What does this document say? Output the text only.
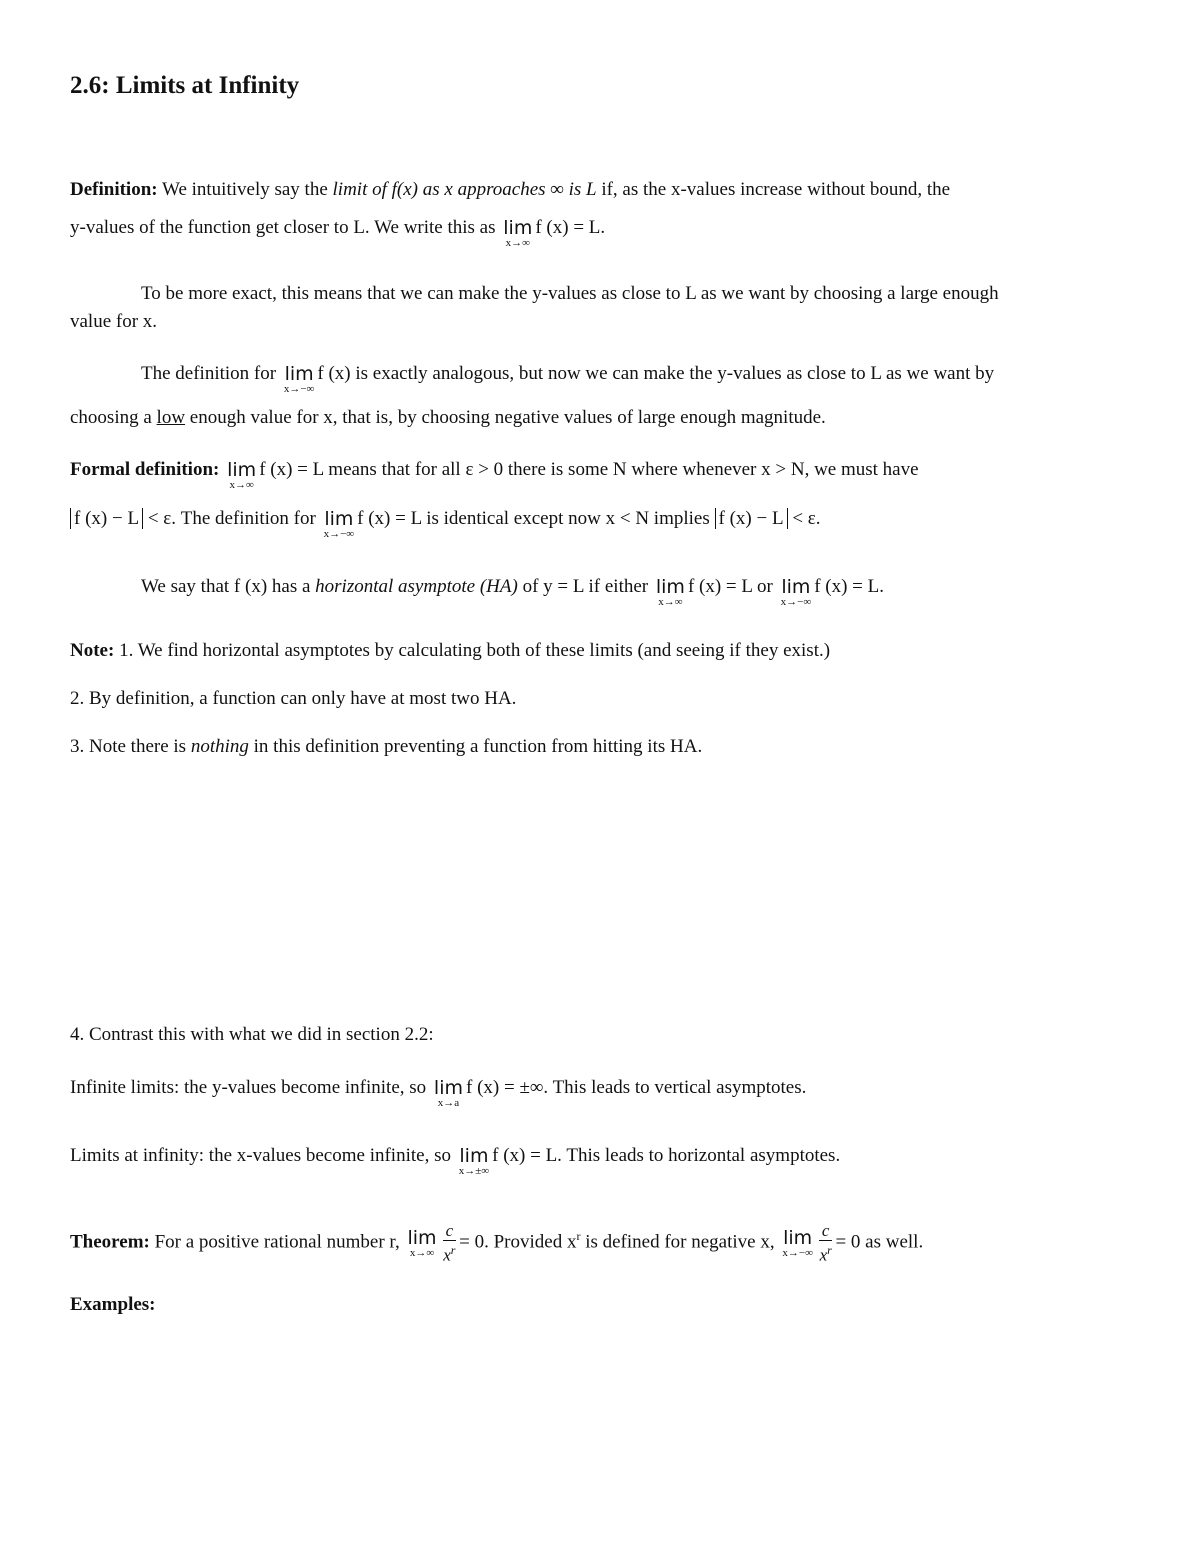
2.6: Limits at Infinity
Definition: We intuitively say the limit of f(x) as x approaches ∞ is L if, as the x-values increase without bound, the
y-values of the function get closer to L. We write this as lim
x→∞
f (x) = L.
To be more exact, this means that we can make the y-values as close to L as we want by choosing a large enough
value for x.
The definition for lim
x→−∞
f (x) is exactly analogous, but now we can make the y-values as close to L as we want by
choosing a low enough value for x, that is, by choosing negative values of large enough magnitude.
Formal definition: lim
x→∞
f (x) = L means that for all ε > 0 there is some N where whenever x > N, we must have
f (x) − L < ε. The definition for lim
x→−∞
f (x) = L is identical except now x < N implies f (x) − L < ε.
We say that f (x) has a horizontal asymptote (HA) of y = L if either lim
x→∞
f (x) = L or lim
x→−∞
f (x) = L.
Note: 1. We find horizontal asymptotes by calculating both of these limits (and seeing if they exist.)
2. By definition, a function can only have at most two HA.
3. Note there is nothing in this definition preventing a function from hitting its HA.
4. Contrast this with what we did in section 2.2:
Infinite limits: the y-values become infinite, so lim
x→a
f (x) = ±∞. This leads to vertical asymptotes.
Limits at infinity: the x-values become infinite, so lim
x→±∞
f (x) = L. This leads to horizontal asymptotes.
Theorem: For a positive rational number r, lim
$x\to\infty \frac{c}{x^r} = 0$. Provided $x^r$ is defined for negative x, lim
$x\to-\infty \frac{c}{x^r} = 0$ as well.
Examples:
